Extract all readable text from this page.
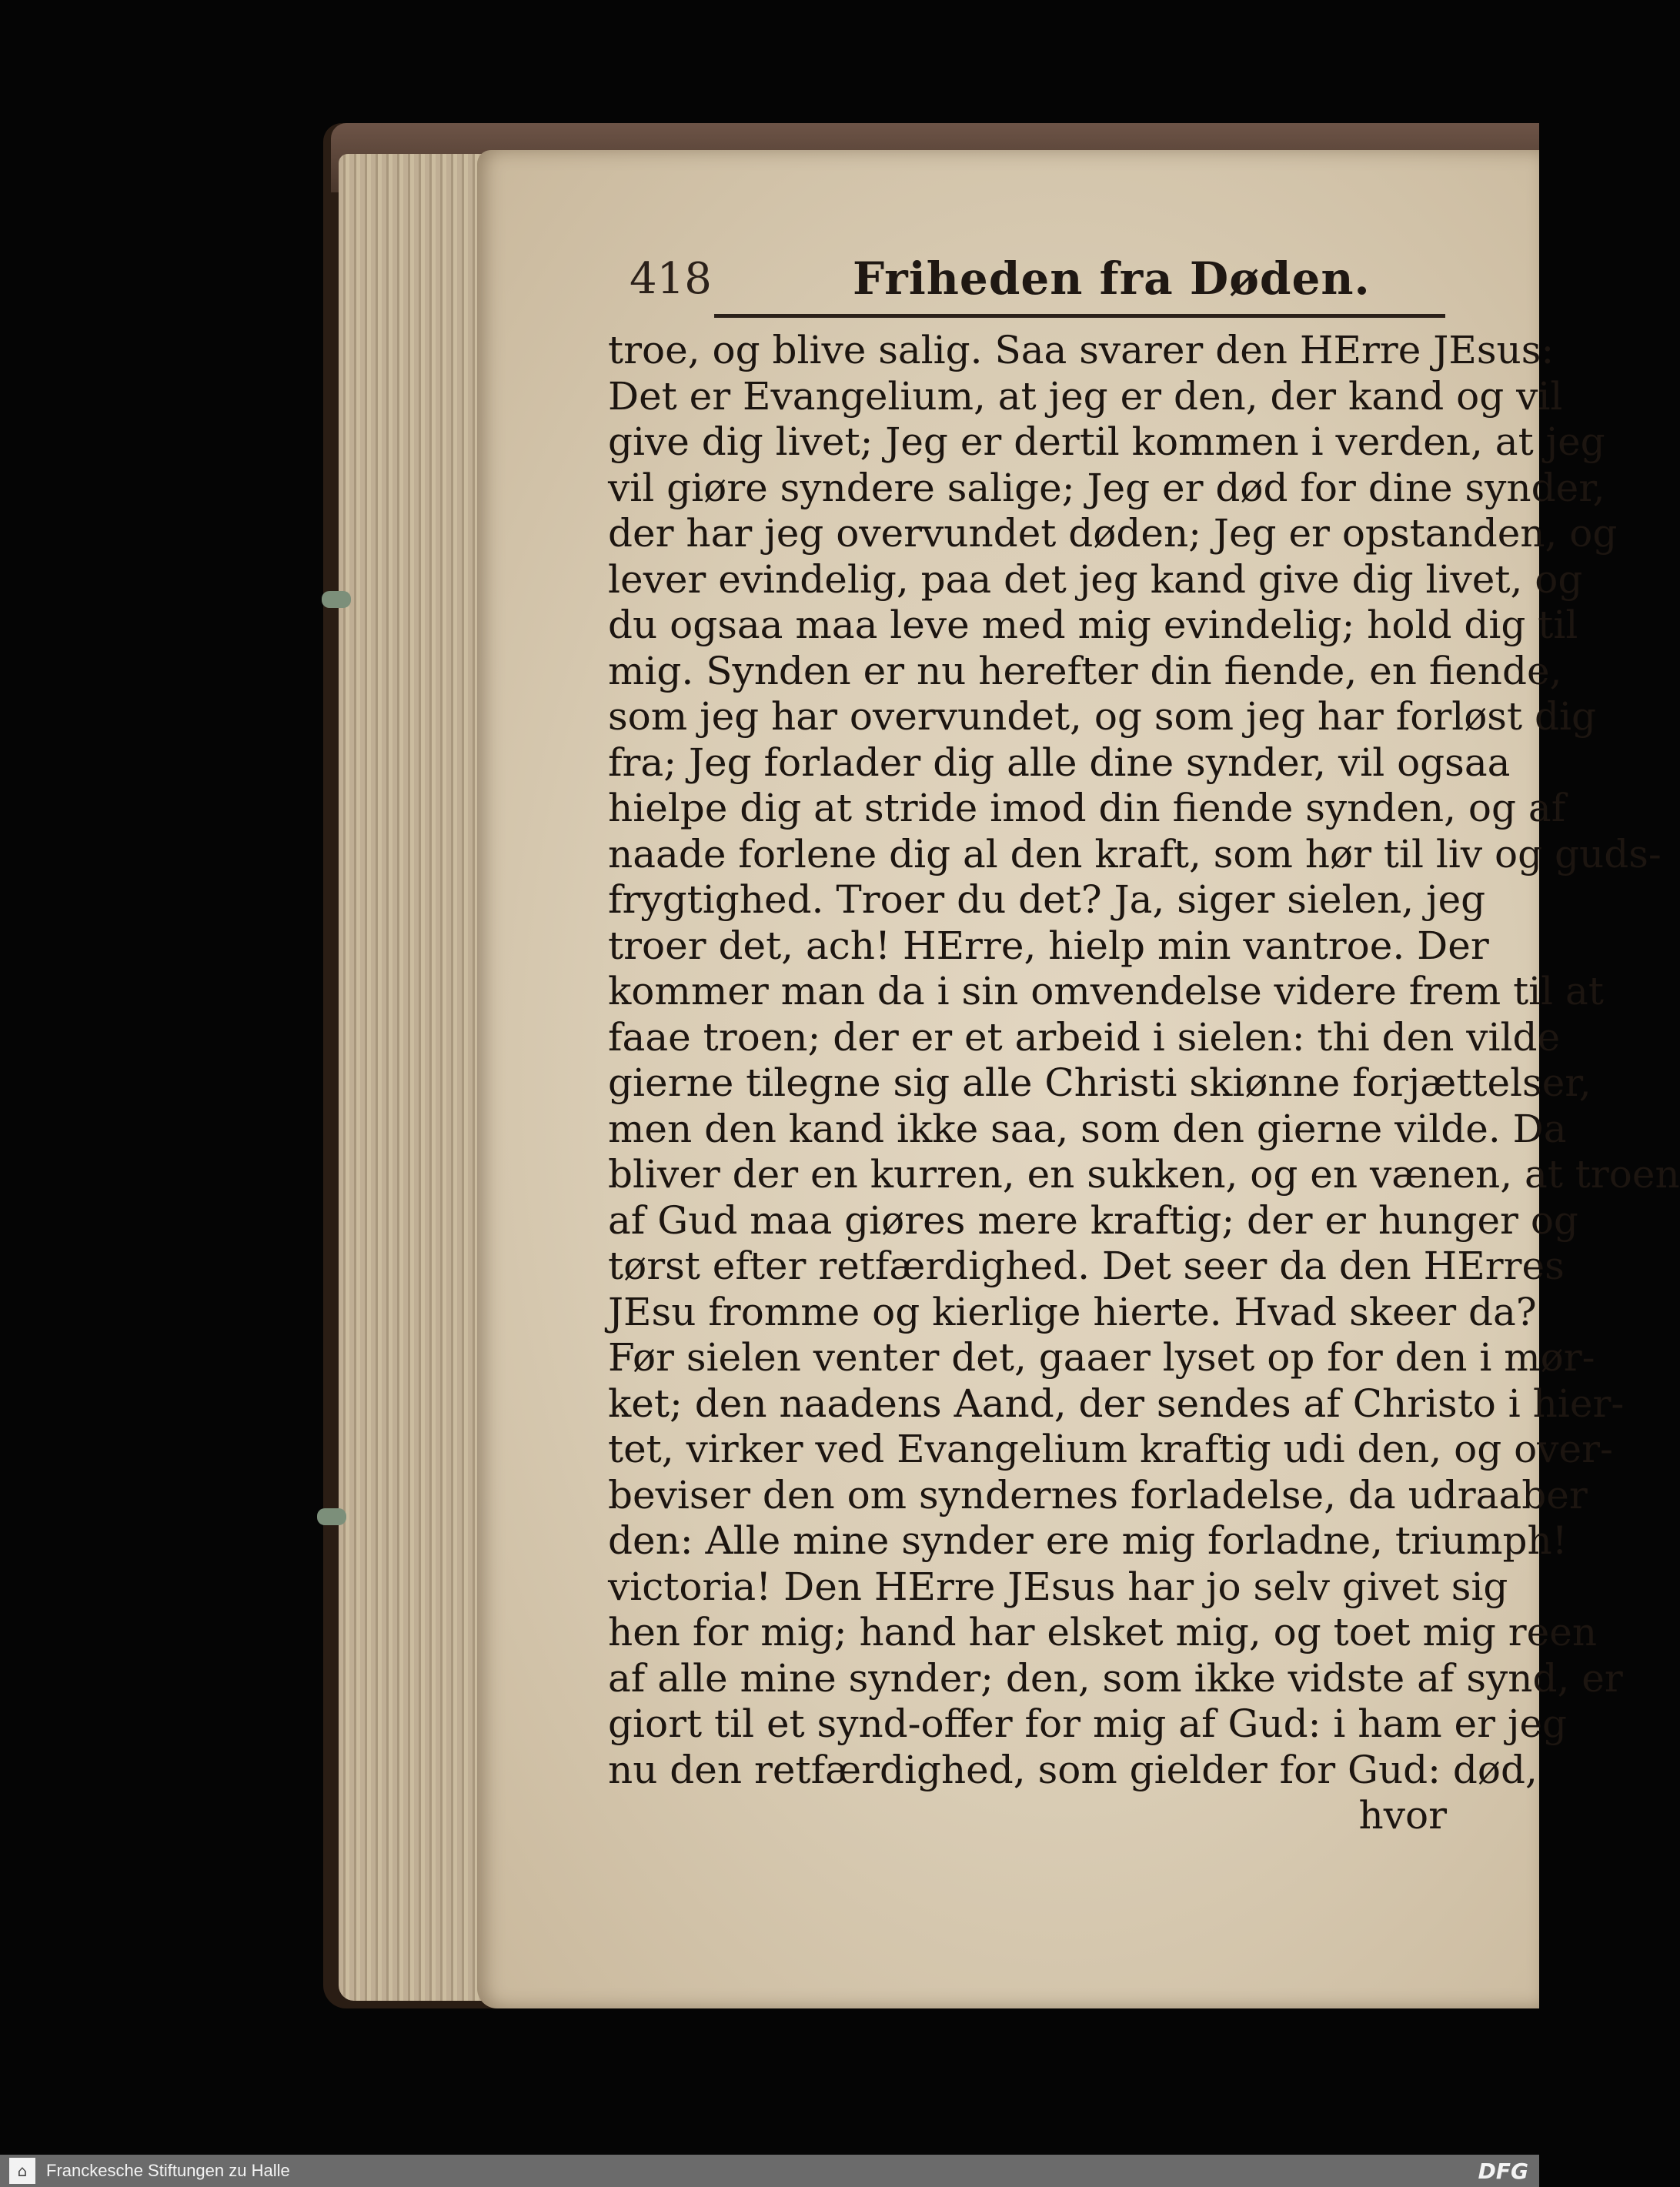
418	Friheden fra Døden.
troe, og blive salig. Saa svarer den HErre JEsus:
Det er Evangelium, at jeg er den, der kand og vil
give dig livet; Jeg er dertil kommen i verden, at jeg
vil giøre syndere salige; Jeg er død for dine synder,
der har jeg overvundet døden; Jeg er opstanden, og
lever evindelig, paa det jeg kand give dig livet, og
du ogsaa maa leve med mig evindelig; hold dig til
mig. Synden er nu herefter din fiende, en fiende,
som jeg har overvundet, og som jeg har forløst dig
fra; Jeg forlader dig alle dine synder, vil ogsaa
hielpe dig at stride imod din fiende synden, og af
naade forlene dig al den kraft, som hør til liv og guds-
frygtighed. Troer du det? Ja, siger sielen, jeg
troer det, ach! HErre, hielp min vantroe. Der
kommer man da i sin omvendelse videre frem til at
faae troen; der er et arbeid i sielen: thi den vilde
gierne tilegne sig alle Christi skiønne forjættelser,
men den kand ikke saa, som den gierne vilde. Da
bliver der en kurren, en sukken, og en vænen, at troen
af Gud maa giøres mere kraftig; der er hunger og
tørst efter retfærdighed. Det seer da den HErres
JEsu fromme og kierlige hierte. Hvad skeer da?
Før sielen venter det, gaaer lyset op for den i mør-
ket; den naadens Aand, der sendes af Christo i hier-
tet, virker ved Evangelium kraftig udi den, og over-
beviser den om syndernes forladelse, da udraaber
den: Alle mine synder ere mig forladne, triumph!
victoria! Den HErre JEsus har jo selv givet sig
hen for mig; hand har elsket mig, og toet mig reen
af alle mine synder; den, som ikke vidste af synd, er
giort til et synd-offer for mig af Gud: i ham er jeg
nu den retfærdighed, som gielder for Gud: død,
hvor
⌂	Franckesche Stiftungen zu Halle	DFG
